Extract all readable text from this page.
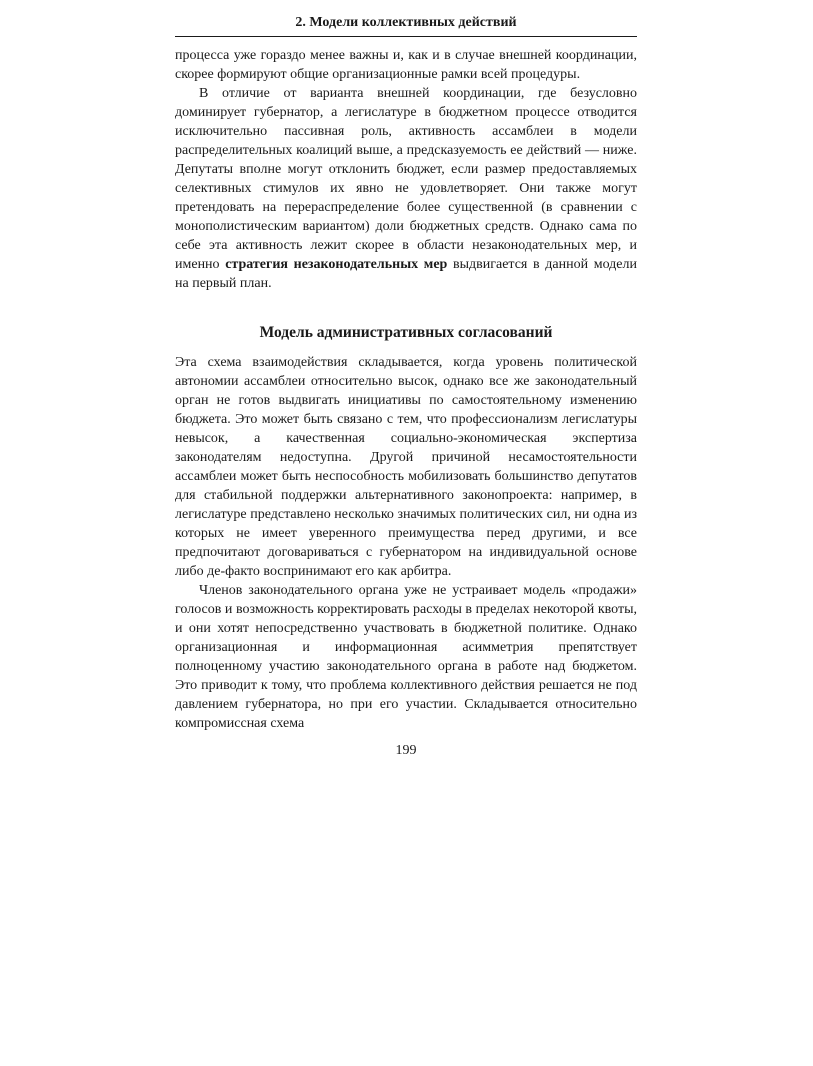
2. Модели коллективных действий

процесса уже гораздо менее важны и, как и в случае внешней координации, скорее формируют общие организационные рамки всей процедуры.

В отличие от варианта внешней координации, где безусловно доминирует губернатор, а легислатуре в бюджетном процессе отводится исключительно пассивная роль, активность ассамблеи в модели распределительных коалиций выше, а предсказуемость ее действий — ниже. Депутаты вполне могут отклонить бюджет, если размер предоставляемых селективных стимулов их явно не удовлетворяет. Они также могут претендовать на перераспределение более существенной (в сравнении с монополистическим вариантом) доли бюджетных средств. Однако сама по себе эта активность лежит скорее в области незаконодательных мер, и именно стратегия незаконодательных мер выдвигается в данной модели на первый план.

Модель административных согласований

Эта схема взаимодействия складывается, когда уровень политической автономии ассамблеи относительно высок, однако все же законодательный орган не готов выдвигать инициативы по самостоятельному изменению бюджета. Это может быть связано с тем, что профессионализм легислатуры невысок, а качественная социально-экономическая экспертиза законодателям недоступна. Другой причиной несамостоятельности ассамблеи может быть неспособность мобилизовать большинство депутатов для стабильной поддержки альтернативного законопроекта: например, в легислатуре представлено несколько значимых политических сил, ни одна из которых не имеет уверенного преимущества перед другими, и все предпочитают договариваться с губернатором на индивидуальной основе либо де-факто воспринимают его как арбитра.

Членов законодательного органа уже не устраивает модель «продажи» голосов и возможность корректировать расходы в пределах некоторой квоты, и они хотят непосредственно участвовать в бюджетной политике. Однако организационная и информационная асимметрия препятствует полноценному участию законодательного органа в работе над бюджетом. Это приводит к тому, что проблема коллективного действия решается не под давлением губернатора, но при его участии. Складывается относительно компромиссная схема

199
